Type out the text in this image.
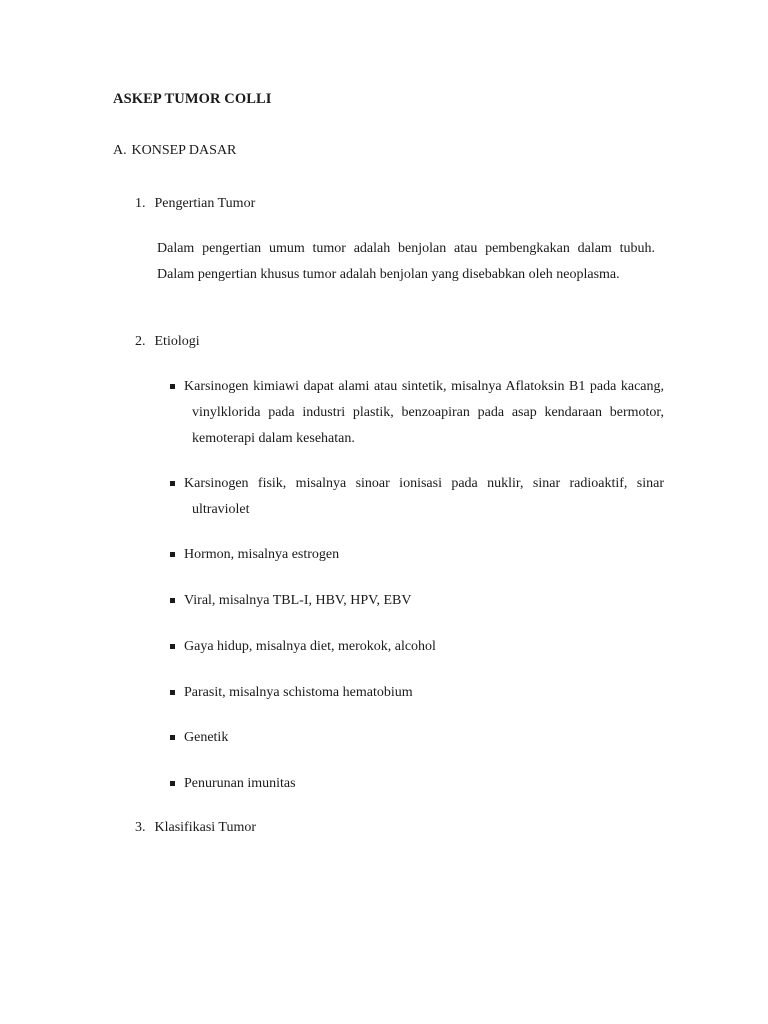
ASKEP TUMOR COLLI
A. KONSEP DASAR
1. Pengertian Tumor
Dalam pengertian umum tumor adalah benjolan atau pembengkakan dalam tubuh. Dalam pengertian khusus tumor adalah benjolan yang disebabkan oleh neoplasma.
2. Etiologi
Karsinogen kimiawi dapat alami atau sintetik, misalnya Aflatoksin B1 pada kacang, vinylklorida pada industri plastik, benzoapiran pada asap kendaraan bermotor, kemoterapi dalam kesehatan.
Karsinogen fisik, misalnya sinoar ionisasi pada nuklir, sinar radioaktif, sinar ultraviolet
Hormon, misalnya estrogen
Viral, misalnya TBL-I, HBV, HPV, EBV
Gaya hidup, misalnya diet, merokok, alcohol
Parasit, misalnya schistoma hematobium
Genetik
Penurunan imunitas
3. Klasifikasi Tumor
